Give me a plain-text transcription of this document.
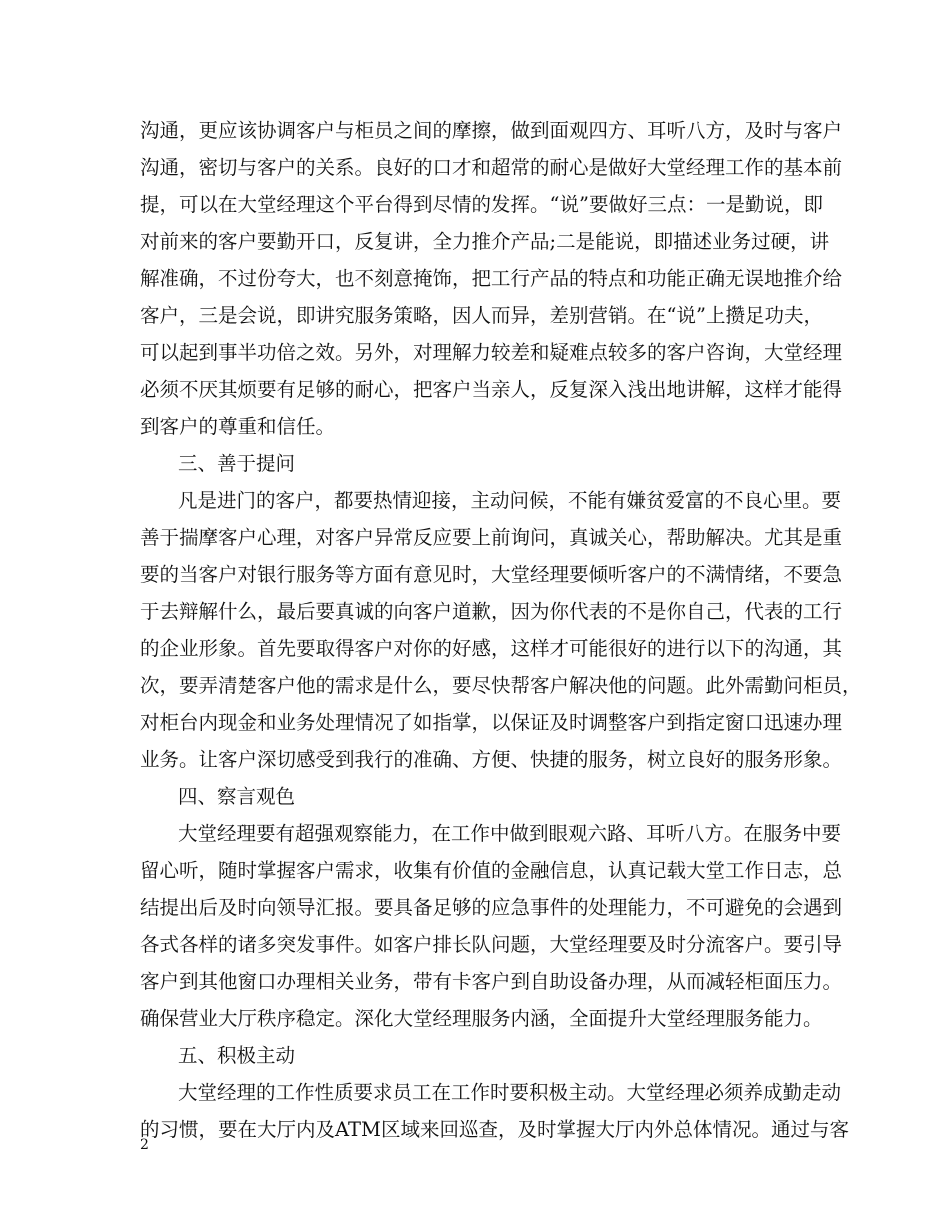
沟通，更应该协调客户与柜员之间的摩擦，做到面观四方、耳听八方，及时与客户
沟通，密切与客户的关系。良好的口才和超常的耐心是做好大堂经理工作的基本前
提，可以在大堂经理这个平台得到尽情的发挥。“说”要做好三点：一是勤说，即
对前来的客户要勤开口，反复讲，全力推介产品;二是能说，即描述业务过硬，讲
解准确，不过份夸大，也不刻意掩饰，把工行产品的特点和功能正确无误地推介给
客户，三是会说，即讲究服务策略，因人而异，差别营销。在“说”上攒足功夫，
可以起到事半功倍之效。另外，对理解力较差和疑难点较多的客户咨询，大堂经理
必须不厌其烦要有足够的耐心，把客户当亲人，反复深入浅出地讲解，这样才能得
到客户的尊重和信任。
三、善于提问
凡是进门的客户，都要热情迎接，主动问候，不能有嫌贫爱富的不良心里。要
善于揣摩客户心理，对客户异常反应要上前询问，真诚关心，帮助解决。尤其是重
要的当客户对银行服务等方面有意见时，大堂经理要倾听客户的不满情绪，不要急
于去辩解什么，最后要真诚的向客户道歉，因为你代表的不是你自己，代表的工行
的企业形象。首先要取得客户对你的好感，这样才可能很好的进行以下的沟通，其
次，要弄清楚客户他的需求是什么，要尽快帮客户解决他的问题。此外需勤问柜员，
对柜台内现金和业务处理情况了如指掌，以保证及时调整客户到指定窗口迅速办理
业务。让客户深切感受到我行的准确、方便、快捷的服务，树立良好的服务形象。
四、察言观色
大堂经理要有超强观察能力，在工作中做到眼观六路、耳听八方。在服务中要
留心听，随时掌握客户需求，收集有价值的金融信息，认真记载大堂工作日志，总
结提出后及时向领导汇报。要具备足够的应急事件的处理能力，不可避免的会遇到
各式各样的诸多突发事件。如客户排长队问题，大堂经理要及时分流客户。要引导
客户到其他窗口办理相关业务，带有卡客户到自助设备办理，从而减轻柜面压力。
确保营业大厅秩序稳定。深化大堂经理服务内涵，全面提升大堂经理服务能力。
五、积极主动
大堂经理的工作性质要求员工在工作时要积极主动。大堂经理必须养成勤走动
的习惯，要在大厅内及ATM区域来回巡查，及时掌握大厅内外总体情况。通过与客
2
